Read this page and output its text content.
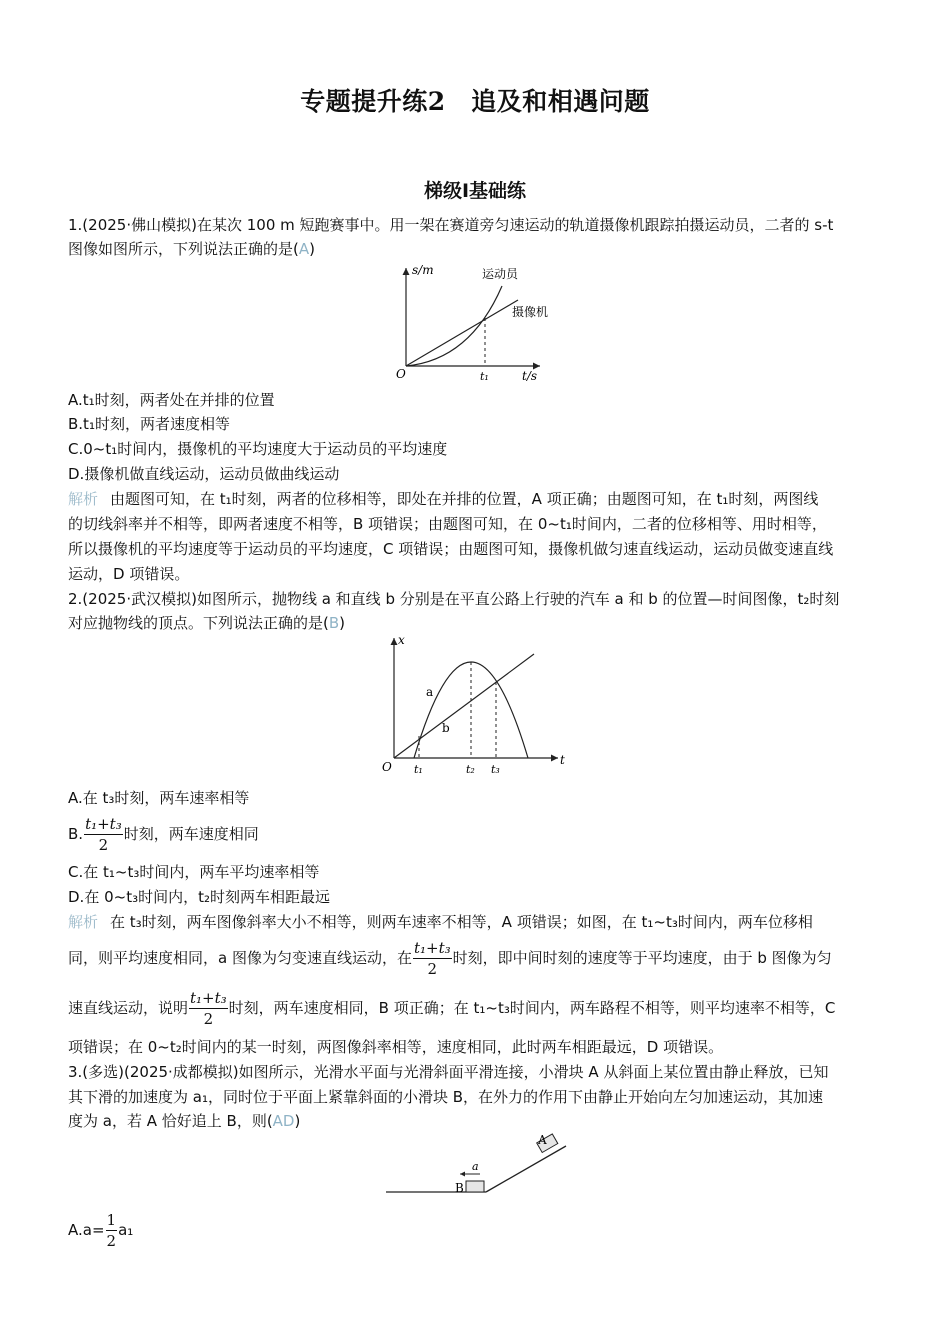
专题提升练2　追及和相遇问题
梯级Ⅰ基础练
1.(2025·佛山模拟)在某次 100 m 短跑赛事中。用一架在赛道旁匀速运动的轨道摄像机跟踪拍摄运动员，二者的 s-t
图像如图所示，下列说法正确的是(A)
s/m
O	t₁	t/s
运动员
摄像机
A.t₁时刻，两者处在并排的位置
B.t₁时刻，两者速度相等
C.0~t₁时间内，摄像机的平均速度大于运动员的平均速度
D.摄像机做直线运动，运动员做曲线运动
解析 由题图可知，在 t₁时刻，两者的位移相等，即处在并排的位置，A 项正确；由题图可知，在 t₁时刻，两图线
的切线斜率并不相等，即两者速度不相等，B 项错误；由题图可知，在 0~t₁时间内，二者的位移相等、用时相等，
所以摄像机的平均速度等于运动员的平均速度，C 项错误；由题图可知，摄像机做匀速直线运动，运动员做变速直线
运动，D 项错误。
2.(2025·武汉模拟)如图所示，抛物线 a 和直线 b 分别是在平直公路上行驶的汽车 a 和 b 的位置—时间图像，t₂时刻
对应抛物线的顶点。下列说法正确的是(B)
x
O t₁	t₂ t₃
t
a
b
A.在 t₃时刻，两车速率相等
B. $\frac{\text{t₁+t₃}}{2}$ 时刻，两车速度相同
C.在 t₁~t₃时间内，两车平均速率相等
D.在 0~t₃时间内，t₂时刻两车相距最远
解析 在 t₃时刻，两车图像斜率大小不相等，则两车速率不相等，A 项错误；如图，在 t₁~t₃时间内，两车位移相
同，则平均速度相同，a 图像为匀变速直线运动，在 $\frac{\text{t₁+t₃}}{2}$ 时刻，即中间时刻的速度等于平均速度，由于 b 图像为匀
速直线运动，说明 $\frac{\text{t₁+t₃}}{2}$ 时刻，两车速度相同，B 项正确；在 t₁~t₃时间内，两车路程不相等，则平均速率不相等，C
项错误；在 0~t₂时间内的某一时刻，两图像斜率相等，速度相同，此时两车相距最远，D 项错误。
3.(多选)(2025·成都模拟)如图所示，光滑水平面与光滑斜面平滑连接，小滑块 A 从斜面上某位置由静止释放，已知
其下滑的加速度为 a₁，同时位于平面上紧靠斜面的小滑块 B，在外力的作用下由静止开始向左匀加速运动，其加速
度为 a，若 A 恰好追上 B，则(AD)
a
B
A
$A.a= \frac{1}{2} a_1$
